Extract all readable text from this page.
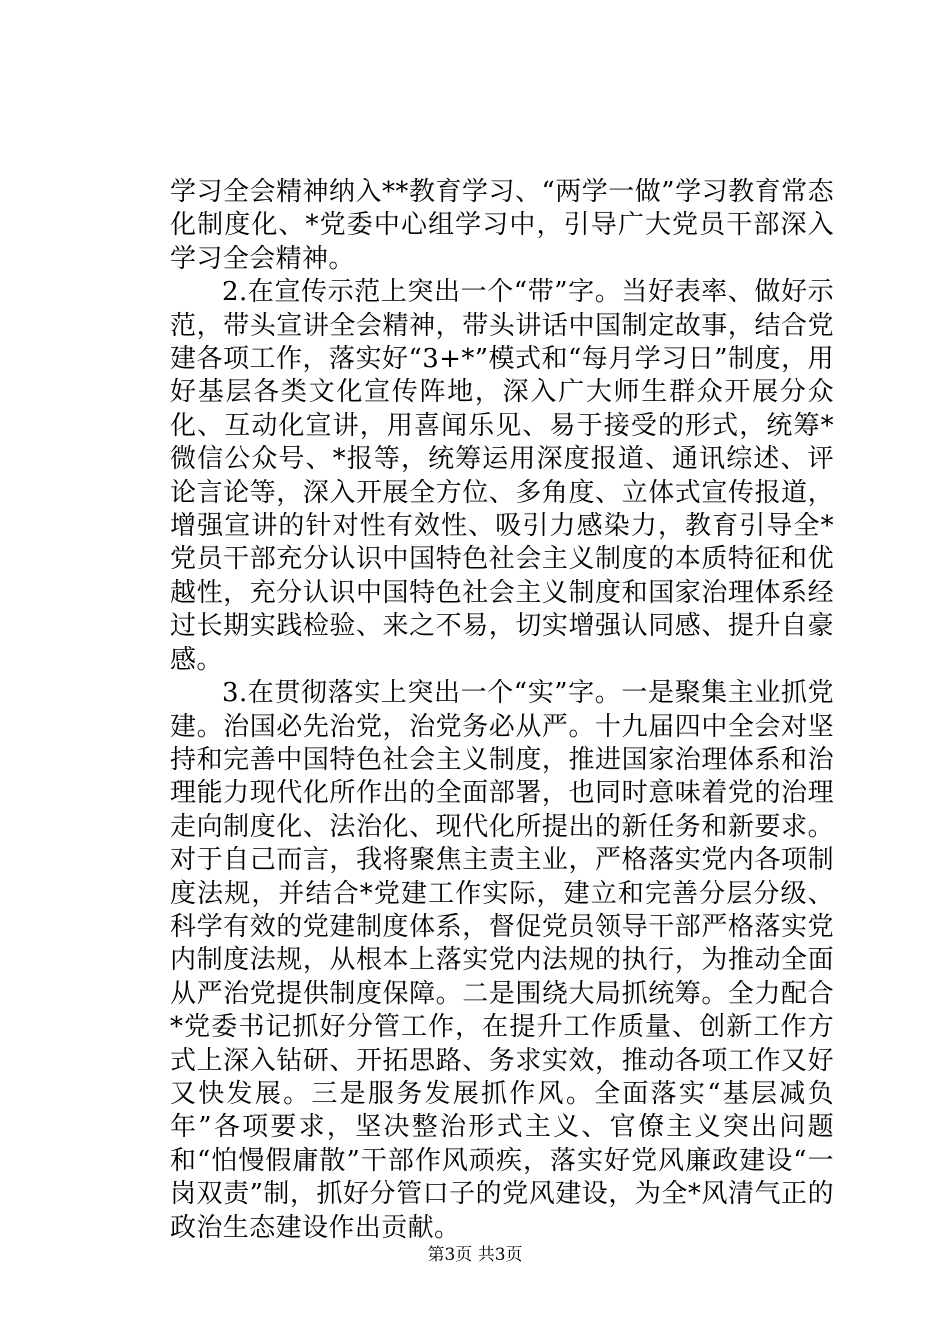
学习全会精神纳入**教育学习、“两学一做”学习教育常态化制度化、*党委中心组学习中，引导广大党员干部深入学习全会精神。

2.在宣传示范上突出一个“带”字。当好表率、做好示范，带头宣讲全会精神，带头讲话中国制定故事，结合党建各项工作，落实好“3+*”模式和“每月学习日”制度，用好基层各类文化宣传阵地，深入广大师生群众开展分众化、互动化宣讲，用喜闻乐见、易于接受的形式，统筹*微信公众号、*报等，统筹运用深度报道、通讯综述、评论言论等，深入开展全方位、多角度、立体式宣传报道，增强宣讲的针对性有效性、吸引力感染力，教育引导全*党员干部充分认识中国特色社会主义制度的本质特征和优越性，充分认识中国特色社会主义制度和国家治理体系经过长期实践检验、来之不易，切实增强认同感、提升自豪感。

3.在贯彻落实上突出一个“实”字。一是聚集主业抓党建。治国必先治党，治党务必从严。十九届四中全会对坚持和完善中国特色社会主义制度，推进国家治理体系和治理能力现代化所作出的全面部署，也同时意味着党的治理走向制度化、法治化、现代化所提出的新任务和新要求。对于自己而言，我将聚焦主责主业，严格落实党内各项制度法规，并结合*党建工作实际，建立和完善分层分级、科学有效的党建制度体系，督促党员领导干部严格落实党内制度法规，从根本上落实党内法规的执行，为推动全面从严治党提供制度保障。二是围绕大局抓统筹。全力配合*党委书记抓好分管工作，在提升工作质量、创新工作方式上深入钻研、开拓思路、务求实效，推动各项工作又好又快发展。三是服务发展抓作风。全面落实“基层减负年”各项要求，坚决整治形式主义、官僚主义突出问题和“怕慢假庸散”干部作风顽疾，落实好党风廉政建设“一岗双责”制，抓好分管口子的党风建设，为全*风清气正的政治生态建设作出贡献。

第3页 共3页
